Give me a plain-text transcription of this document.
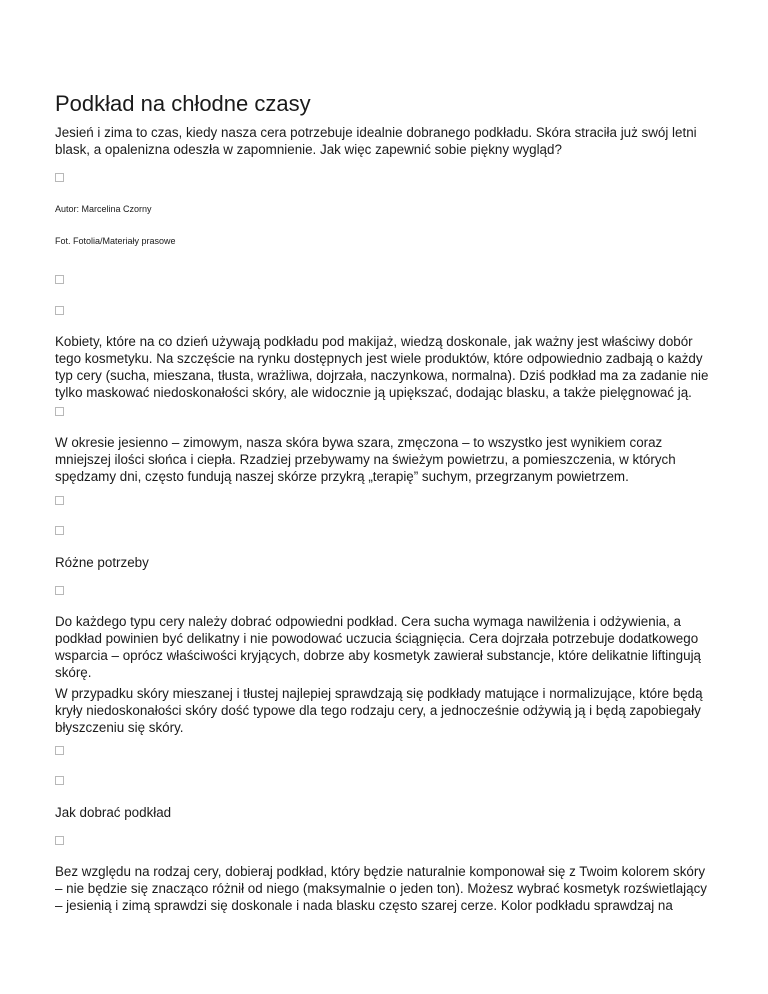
Podkład na chłodne czasy

Jesień i zima to czas, kiedy nasza cera potrzebuje idealnie dobranego podkładu. Skóra straciła już swój letni blask, a opalenizna odeszła w zapomnienie. Jak więc zapewnić sobie piękny wygląd?

Autor: Marcelina Czorny

Fot. Fotolia/Materiały prasowe

Kobiety, które na co dzień używają podkładu pod makijaż, wiedzą doskonale, jak ważny jest właściwy dobór tego kosmetyku. Na szczęście na rynku dostępnych jest wiele produktów, które odpowiednio zadbają o każdy typ cery (sucha, mieszana, tłusta, wrażliwa, dojrzała, naczynkowa, normalna). Dziś podkład ma za zadanie nie tylko maskować niedoskonałości skóry, ale widocznie ją upiększać, dodając blasku, a także pielęgnować ją.

W okresie jesienno – zimowym, nasza skóra bywa szara, zmęczona – to wszystko jest wynikiem coraz mniejszej ilości słońca i ciepła. Rzadziej przebywamy na świeżym powietrzu, a pomieszczenia, w których spędzamy dni, często fundują naszej skórze przykrą „terapię” suchym, przegrzanym powietrzem.

Różne potrzeby

Do każdego typu cery należy dobrać odpowiedni podkład. Cera sucha wymaga nawilżenia i odżywienia, a podkład powinien być delikatny i nie powodować uczucia ściągnięcia. Cera dojrzała potrzebuje dodatkowego wsparcia – oprócz właściwości kryjących, dobrze aby kosmetyk zawierał substancje, które delikatnie liftingują skórę.

W przypadku skóry mieszanej i tłustej najlepiej sprawdzają się podkłady matujące i normalizujące, które będą kryły niedoskonałości skóry dość typowe dla tego rodzaju cery, a jednocześnie odżywią ją i będą zapobiegały błyszczeniu się skóry.

Jak dobrać podkład

Bez względu na rodzaj cery, dobieraj podkład, który będzie naturalnie komponował się z Twoim kolorem skóry – nie będzie się znacząco różnił od niego (maksymalnie o jeden ton). Możesz wybrać kosmetyk rozświetlający – jesienią i zimą sprawdzi się doskonale i nada blasku często szarej cerze. Kolor podkładu sprawdzaj na
